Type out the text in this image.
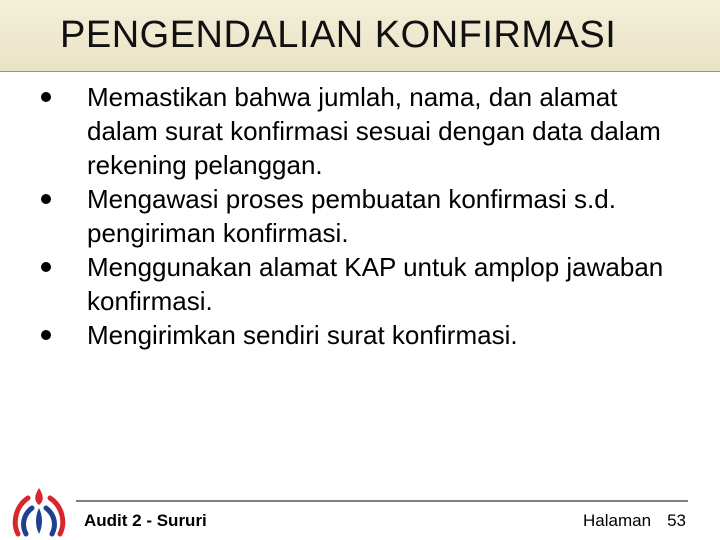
PENGENDALIAN KONFIRMASI
Memastikan bahwa jumlah, nama, dan alamat dalam surat konfirmasi sesuai dengan data dalam rekening pelanggan.
Mengawasi proses pembuatan konfirmasi s.d. pengiriman konfirmasi.
Menggunakan alamat KAP untuk amplop jawaban konfirmasi.
Mengirimkan sendiri surat konfirmasi.
Audit 2 - Sururi	Halaman 53
